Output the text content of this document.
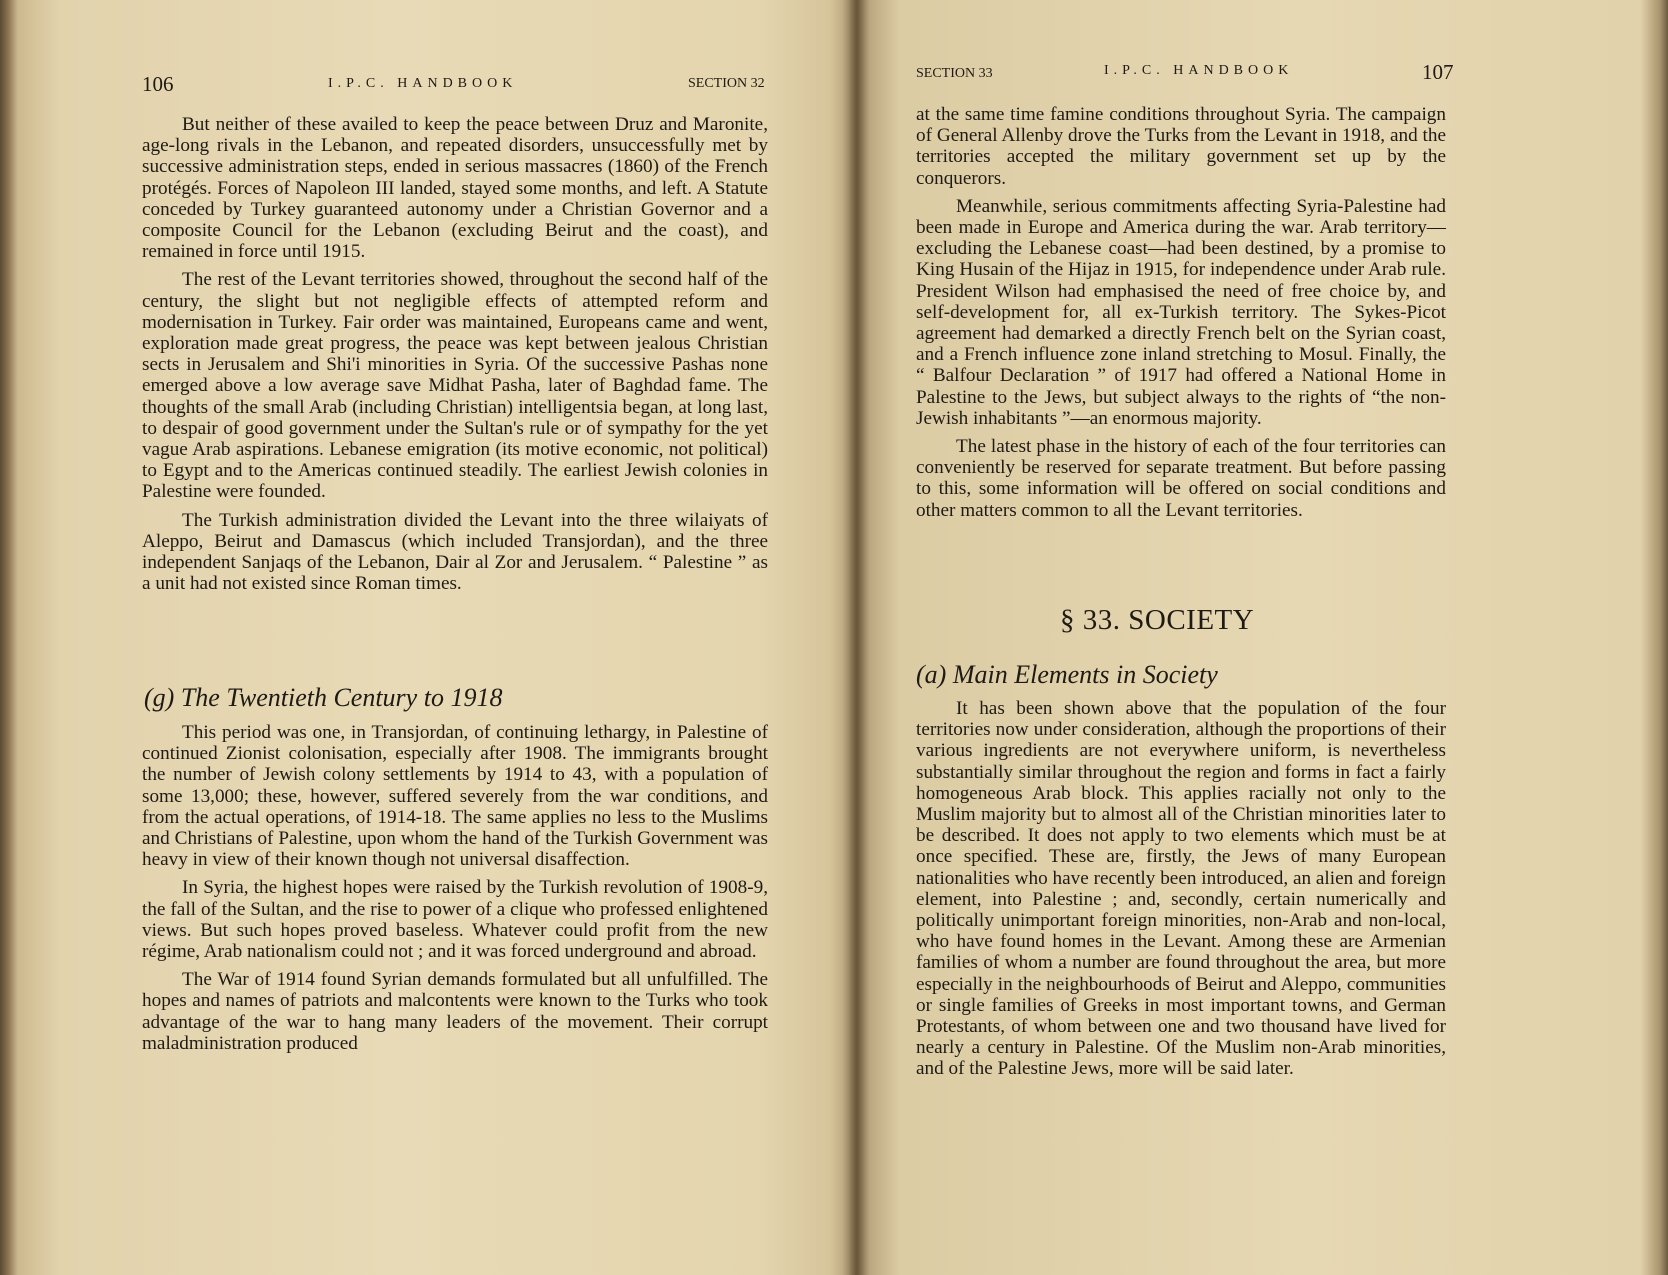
106	I.P.C. HANDBOOK	SECTION 32

But neither of these availed to keep the peace between Druz and Maronite, age-long rivals in the Lebanon, and repeated disorders, unsuccessfully met by successive administration steps, ended in serious massacres (1860) of the French protégés. Forces of Napoleon III landed, stayed some months, and left. A Statute conceded by Turkey guaranteed autonomy under a Christian Governor and a composite Council for the Lebanon (excluding Beirut and the coast), and remained in force until 1915.

The rest of the Levant territories showed, throughout the second half of the century, the slight but not negligible effects of attempted reform and modernisation in Turkey. Fair order was maintained, Europeans came and went, exploration made great progress, the peace was kept between jealous Christian sects in Jerusalem and Shi'i minorities in Syria. Of the successive Pashas none emerged above a low average save Midhat Pasha, later of Baghdad fame. The thoughts of the small Arab (including Christian) intelligentsia began, at long last, to despair of good government under the Sultan's rule or of sympathy for the yet vague Arab aspirations. Lebanese emigration (its motive economic, not political) to Egypt and to the Americas continued steadily. The earliest Jewish colonies in Palestine were founded.

The Turkish administration divided the Levant into the three wilaiyats of Aleppo, Beirut and Damascus (which included Transjordan), and the three independent Sanjaqs of the Lebanon, Dair al Zor and Jerusalem. “ Palestine ” as a unit had not existed since Roman times.

(g) The Twentieth Century to 1918

This period was one, in Transjordan, of continuing lethargy, in Palestine of continued Zionist colonisation, especially after 1908. The immigrants brought the number of Jewish colony settlements by 1914 to 43, with a population of some 13,000; these, however, suffered severely from the war conditions, and from the actual operations, of 1914-18. The same applies no less to the Muslims and Christians of Palestine, upon whom the hand of the Turkish Government was heavy in view of their known though not universal disaffection.

In Syria, the highest hopes were raised by the Turkish revolution of 1908-9, the fall of the Sultan, and the rise to power of a clique who professed enlightened views. But such hopes proved baseless. Whatever could profit from the new régime, Arab nationalism could not ; and it was forced underground and abroad.

The War of 1914 found Syrian demands formulated but all unfulfilled. The hopes and names of patriots and malcontents were known to the Turks who took advantage of the war to hang many leaders of the movement. Their corrupt maladministration produced

SECTION 33	I.P.C. HANDBOOK	107

at the same time famine conditions throughout Syria. The campaign of General Allenby drove the Turks from the Levant in 1918, and the territories accepted the military government set up by the conquerors.

Meanwhile, serious commitments affecting Syria-Palestine had been made in Europe and America during the war. Arab territory—excluding the Lebanese coast—had been destined, by a promise to King Husain of the Hijaz in 1915, for independence under Arab rule. President Wilson had emphasised the need of free choice by, and self-development for, all ex-Turkish territory. The Sykes-Picot agreement had demarked a directly French belt on the Syrian coast, and a French influence zone inland stretching to Mosul. Finally, the “ Balfour Declaration ” of 1917 had offered a National Home in Palestine to the Jews, but subject always to the rights of “the non-Jewish inhabitants ”—an enormous majority.

The latest phase in the history of each of the four territories can conveniently be reserved for separate treatment. But before passing to this, some information will be offered on social conditions and other matters common to all the Levant territories.

§ 33. SOCIETY
(a) Main Elements in Society

It has been shown above that the population of the four territories now under consideration, although the proportions of their various ingredients are not everywhere uniform, is nevertheless substantially similar throughout the region and forms in fact a fairly homogeneous Arab block. This applies racially not only to the Muslim majority but to almost all of the Christian minorities later to be described. It does not apply to two elements which must be at once specified. These are, firstly, the Jews of many European nationalities who have recently been introduced, an alien and foreign element, into Palestine ; and, secondly, certain numerically and politically unimportant foreign minorities, non-Arab and non-local, who have found homes in the Levant. Among these are Armenian families of whom a number are found throughout the area, but more especially in the neighbourhoods of Beirut and Aleppo, communities or single families of Greeks in most important towns, and German Protestants, of whom between one and two thousand have lived for nearly a century in Palestine. Of the Muslim non-Arab minorities, and of the Palestine Jews, more will be said later.
